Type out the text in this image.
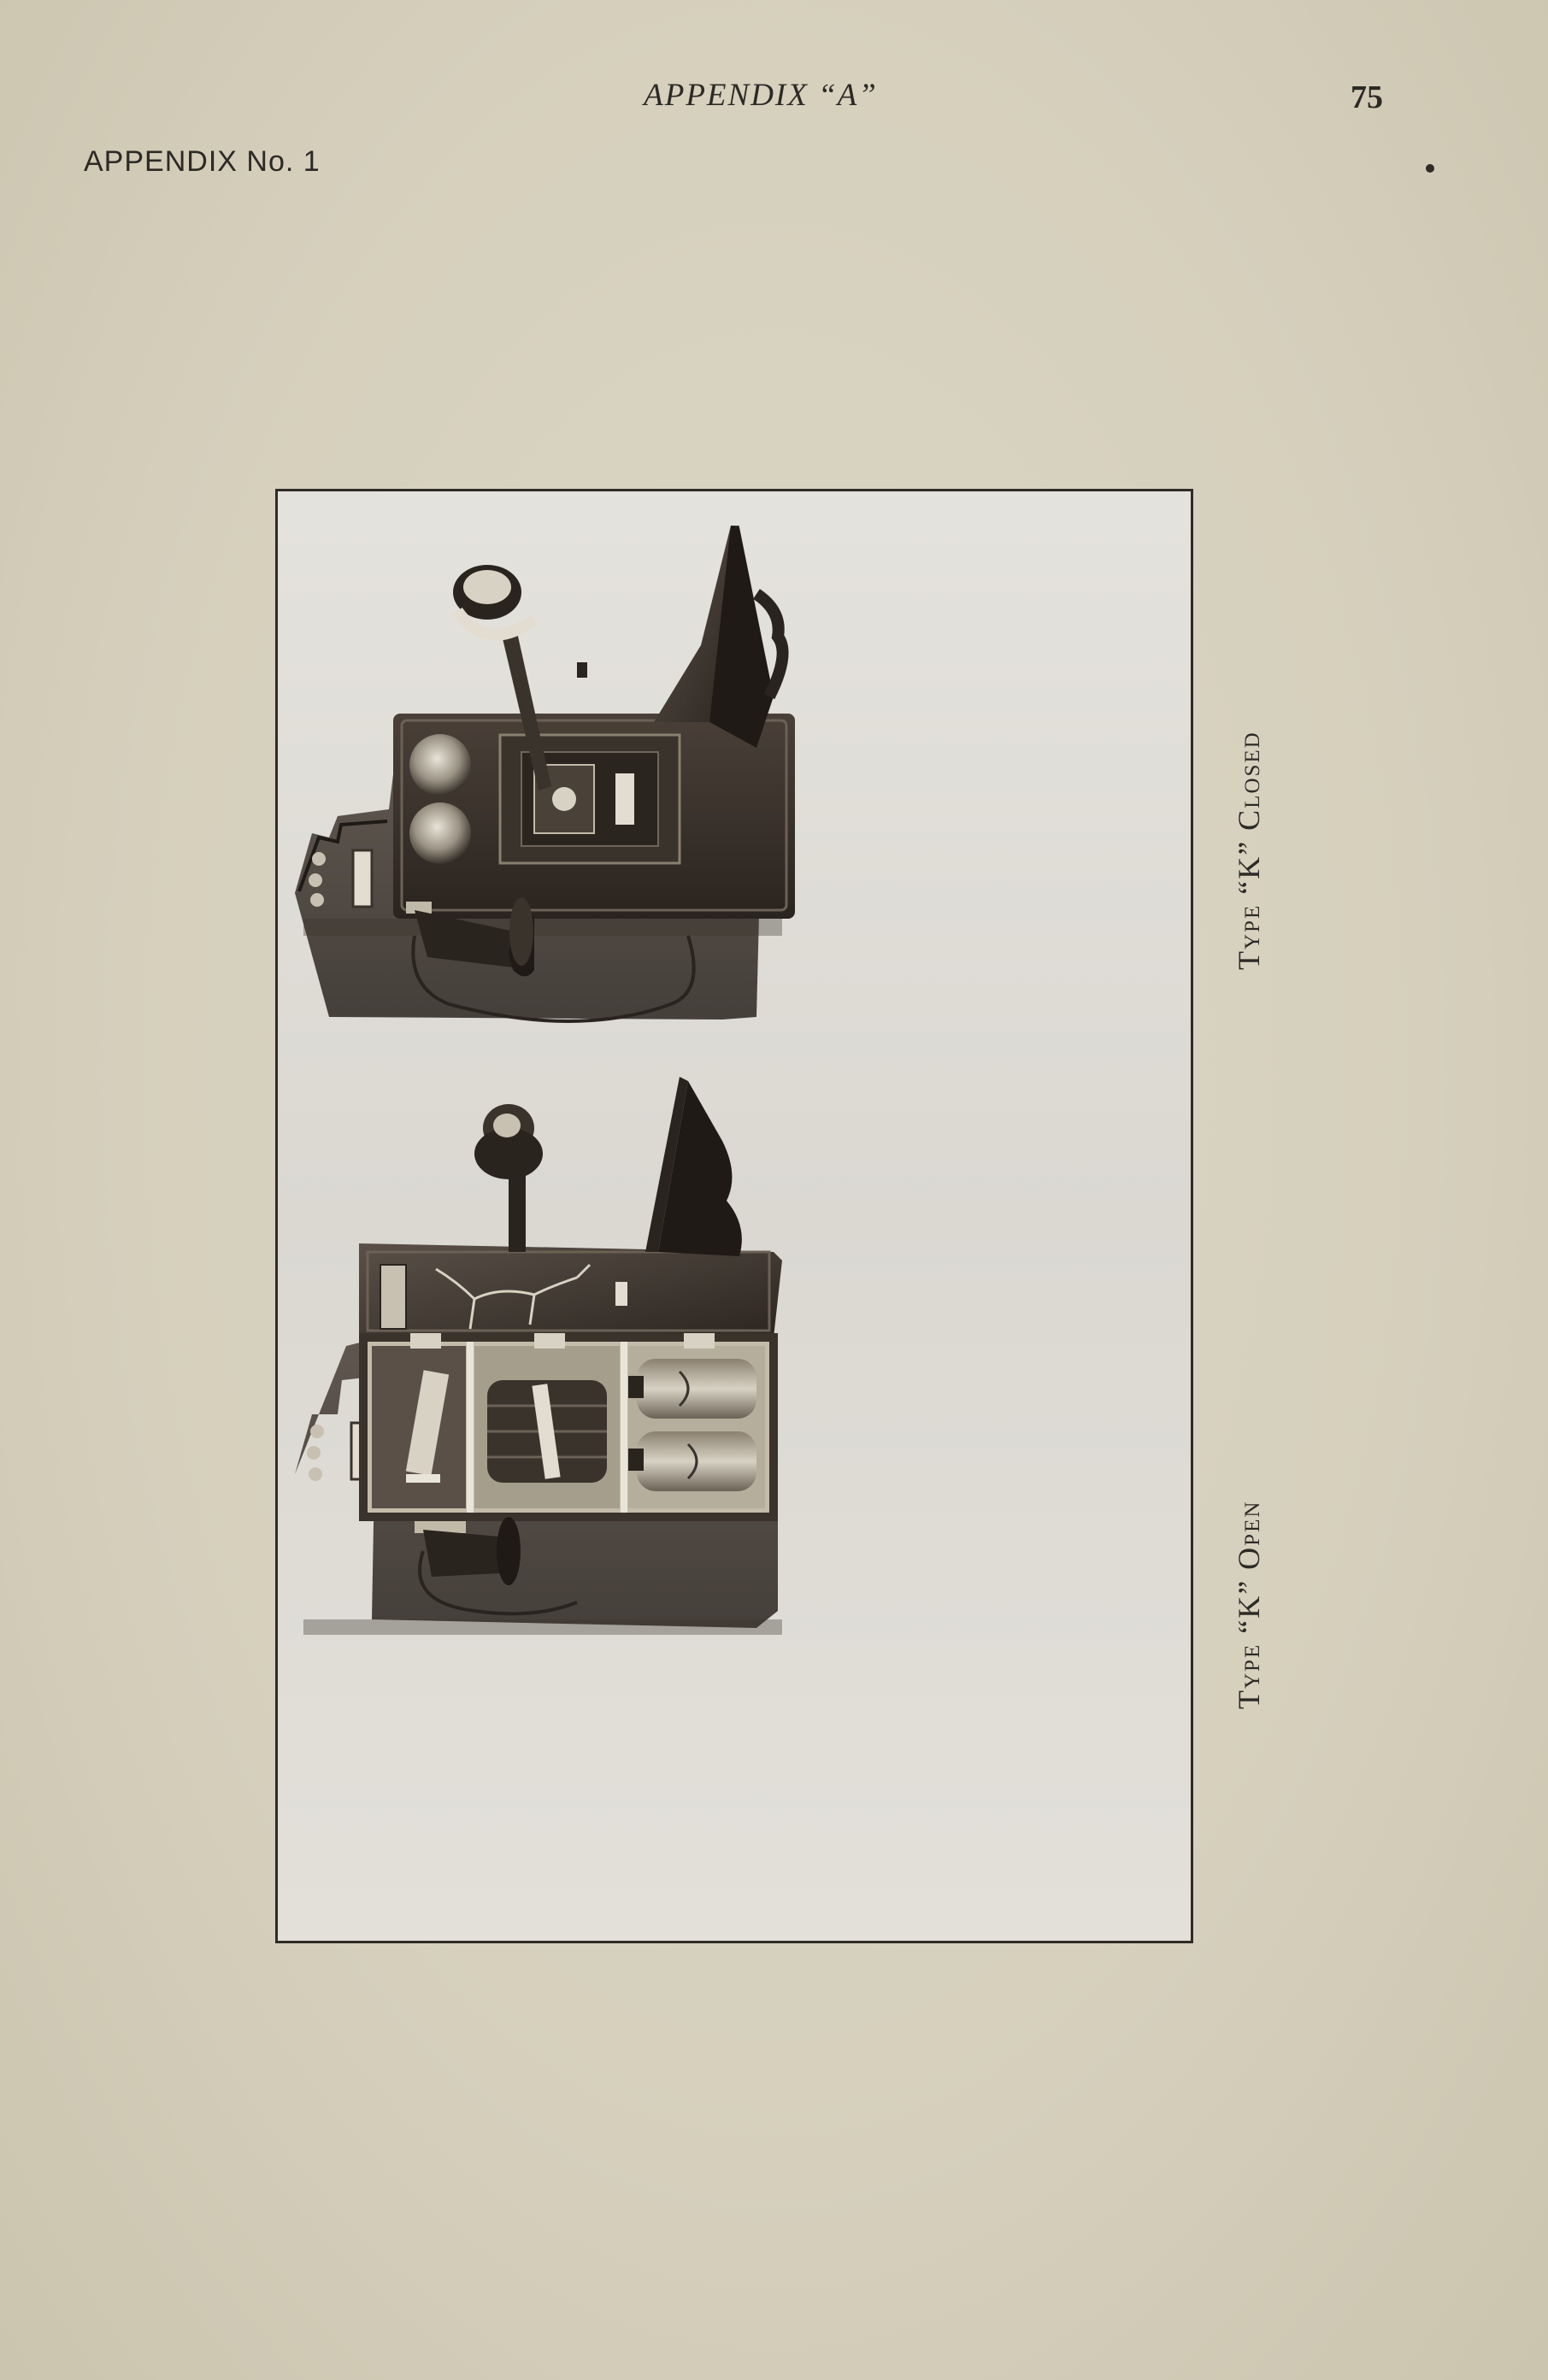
APPENDIX “A”	75
APPENDIX No. 1
Type “K” Closed
Type “K” Open
